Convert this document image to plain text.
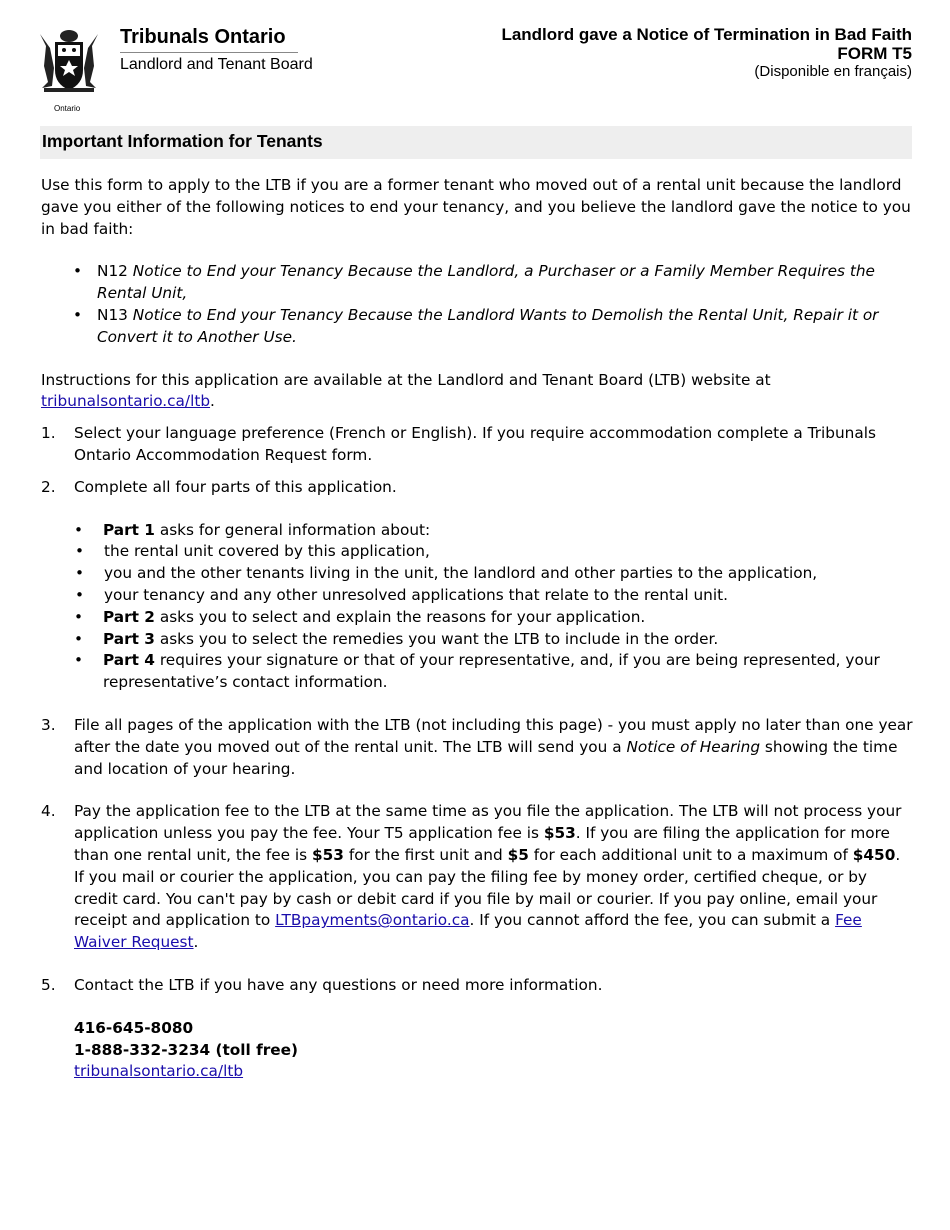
Ontario
Tribunals Ontario
Landlord and Tenant Board
Landlord gave a Notice of Termination in Bad Faith
FORM T5
(Disponible en français)
Important Information for Tenants

Use this form to apply to the LTB if you are a former tenant who moved out of a rental unit because the landlord gave you either of the following notices to end your tenancy, and you believe the landlord gave the notice to you in bad faith:

• N12 Notice to End your Tenancy Because the Landlord, a Purchaser or a Family Member Requires the Rental Unit,
• N13 Notice to End your Tenancy Because the Landlord Wants to Demolish the Rental Unit, Repair it or Convert it to Another Use.

Instructions for this application are available at the Landlord and Tenant Board (LTB) website at
tribunalsontario.ca/ltb.

1. Select your language preference (French or English). If you require accommodation complete a Tribunals Ontario Accommodation Request form.
2. Complete all four parts of this application.
• Part 1 asks for general information about:
• the rental unit covered by this application,
• you and the other tenants living in the unit, the landlord and other parties to the application,
• your tenancy and any other unresolved applications that relate to the rental unit.
• Part 2 asks you to select and explain the reasons for your application.
• Part 3 asks you to select the remedies you want the LTB to include in the order.
• Part 4 requires your signature or that of your representative, and, if you are being represented, your representative’s contact information.
3. File all pages of the application with the LTB (not including this page) - you must apply no later than one year after the date you moved out of the rental unit. The LTB will send you a Notice of Hearing showing the time and location of your hearing.
4. Pay the application fee to the LTB at the same time as you file the application. The LTB will not process your application unless you pay the fee. Your T5 application fee is $53. If you are filing the application for more than one rental unit, the fee is $53 for the first unit and $5 for each additional unit to a maximum of $450. If you mail or courier the application, you can pay the filing fee by money order, certified cheque, or by credit card. You can't pay by cash or debit card if you file by mail or courier. If you pay online, email your receipt and application to LTBpayments@ontario.ca. If you cannot afford the fee, you can submit a Fee Waiver Request.
5. Contact the LTB if you have any questions or need more information.
416-645-8080
1-888-332-3234 (toll free)
tribunalsontario.ca/ltb
